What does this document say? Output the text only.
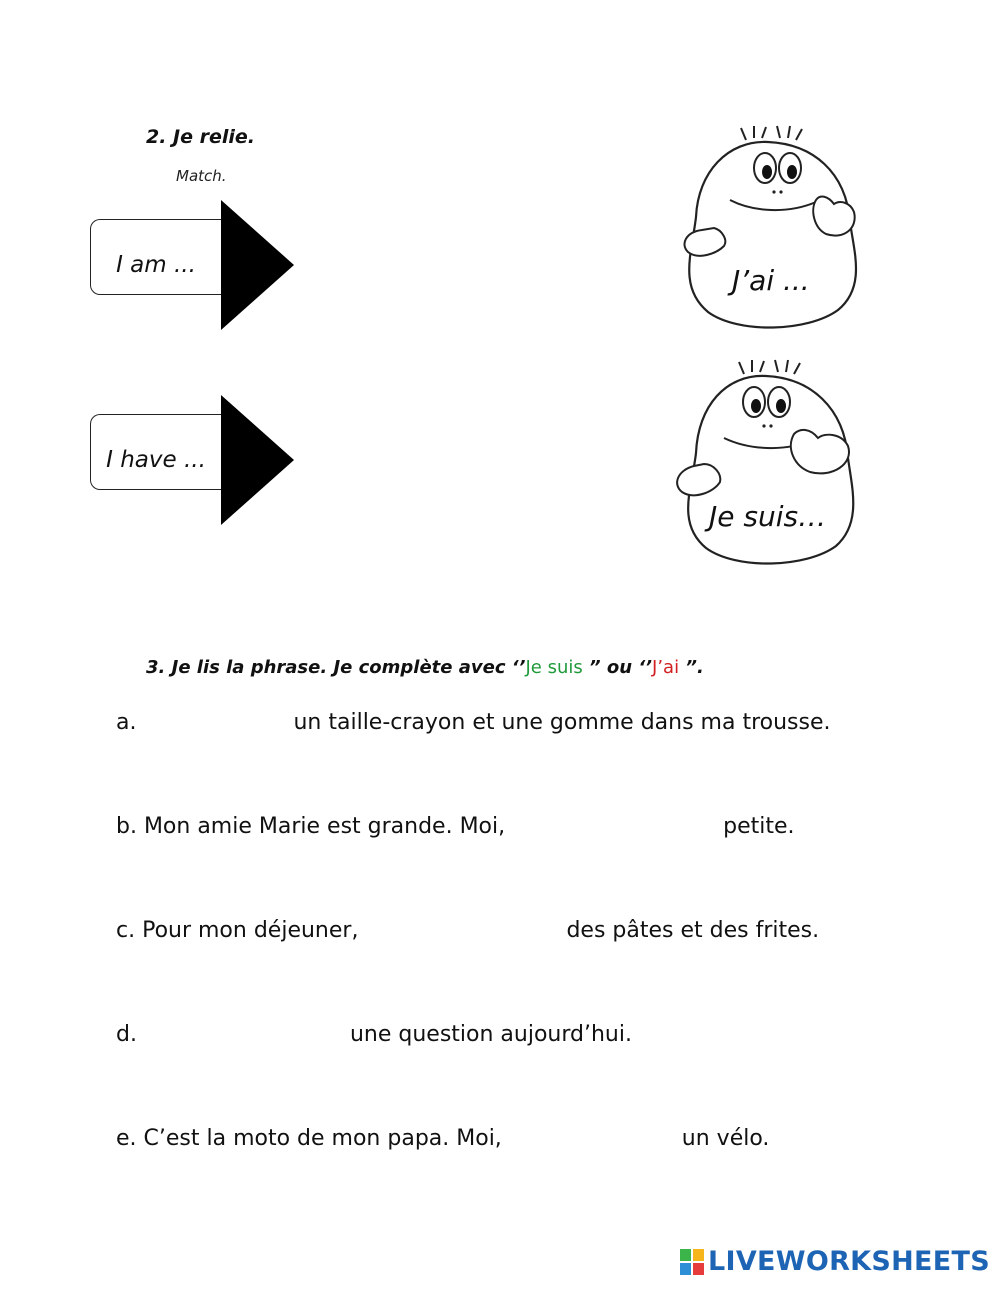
2. Je relie.
Match.
I am ...
I have ...
J’ai ...
Je suis…
3. Je lis la phrase. Je complète avec ‘’Je suis ” ou ‘’J’ai ”.
a.	un taille-crayon et une gomme dans ma trousse.
b. Mon amie Marie est grande. Moi,	petite.
c. Pour mon déjeuner,	des pâtes et des frites.
d.	une question aujourd’hui.
e. C’est la moto de mon papa. Moi,	un vélo.
LIVEWORKSHEETS
